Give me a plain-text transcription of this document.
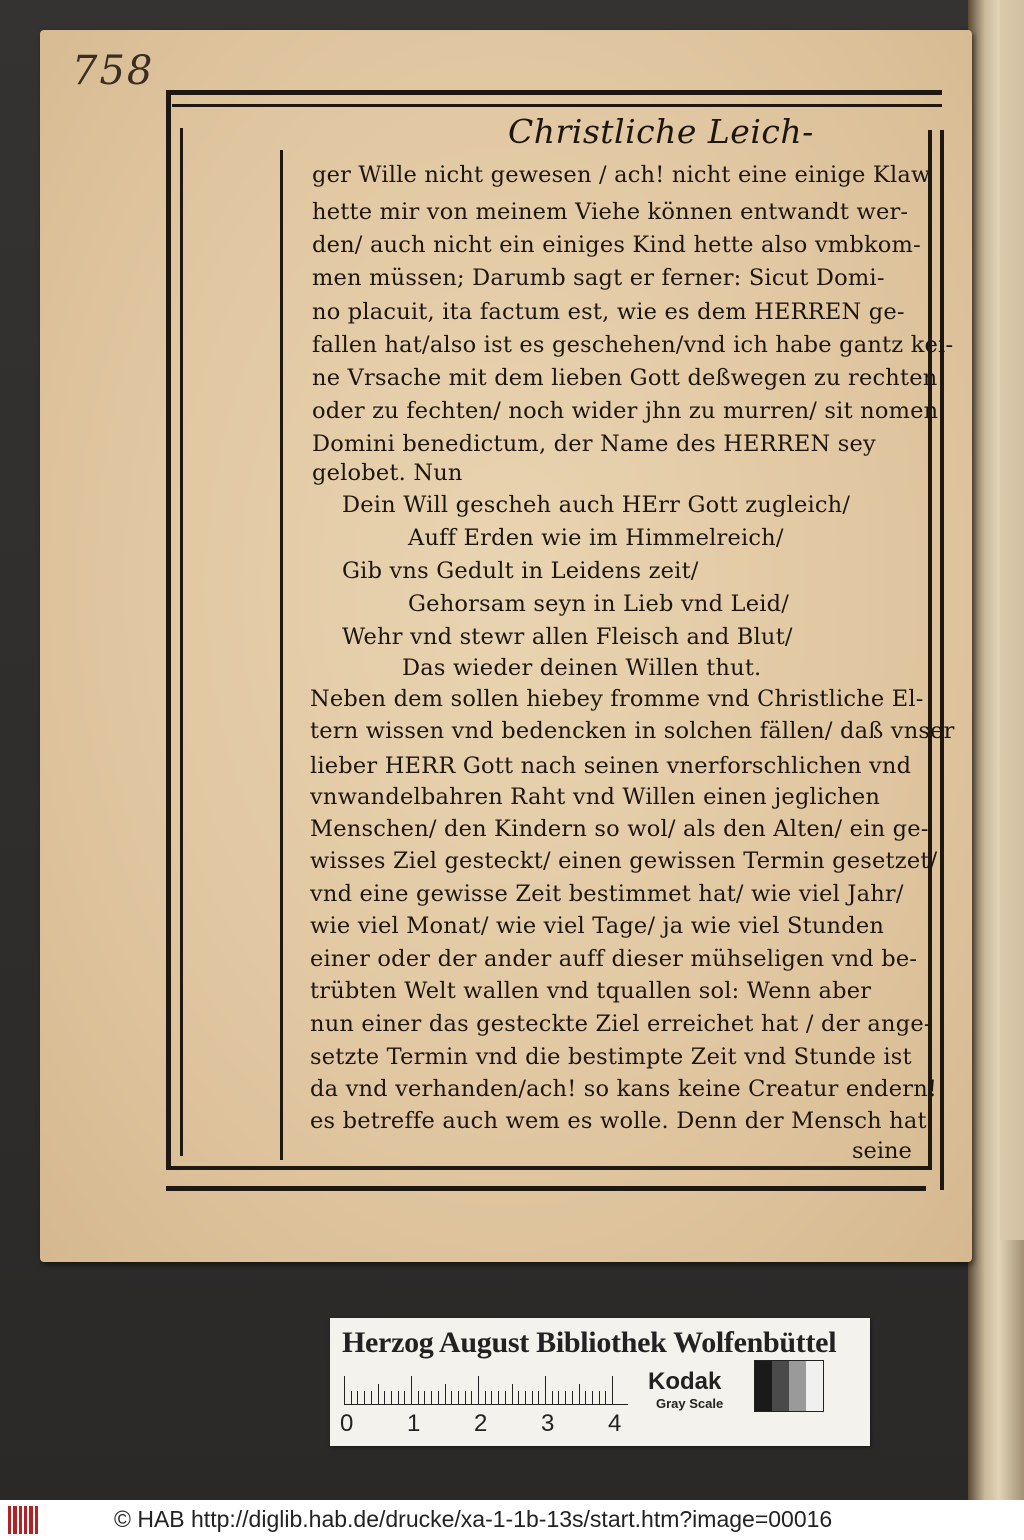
758
Christliche Leich-
ger Wille nicht gewesen / ach! nicht eine einige Klaw
hette mir von meinem Viehe können entwandt wer-
den/ auch nicht ein einiges Kind hette also vmbkom-
men müssen; Darumb sagt er ferner: Sicut Domi-
no placuit, ita factum est, wie es dem HERREN ge-
fallen hat/also ist es geschehen/vnd ich habe gantz kei-
ne Vrsache mit dem lieben Gott deßwegen zu rechten
oder zu fechten/ noch wider jhn zu murren/ sit nomen
Domini benedictum, der Name des HERREN sey
gelobet. Nun
Dein Will gescheh auch HErr Gott zugleich/
Auff Erden wie im Himmelreich/
Gib vns Gedult in Leidens zeit/
Gehorsam seyn in Lieb vnd Leid/
Wehr vnd stewr allen Fleisch and Blut/
Das wieder deinen Willen thut.
Neben dem sollen hiebey fromme vnd Christliche El-
tern wissen vnd bedencken in solchen fällen/ daß vnser
lieber HERR Gott nach seinen vnerforschlichen vnd
vnwandelbahren Raht vnd Willen einen jeglichen
Menschen/ den Kindern so wol/ als den Alten/ ein ge-
wisses Ziel gesteckt/ einen gewissen Termin gesetzet/
vnd eine gewisse Zeit bestimmet hat/ wie viel Jahr/
wie viel Monat/ wie viel Tage/ ja wie viel Stunden
einer oder der ander auff dieser mühseligen vnd be-
trübten Welt wallen vnd tquallen sol: Wenn aber
nun einer das gesteckte Ziel erreichet hat / der ange-
setzte Termin vnd die bestimpte Zeit vnd Stunde ist
da vnd verhanden/ach! so kans keine Creatur endern!
es betreffe auch wem es wolle. Denn der Mensch hat
seine
Herzog August Bibliothek Wolfenbüttel
0 1 2 3 4
Kodak
Gray Scale
© HAB http://diglib.hab.de/drucke/xa-1-1b-13s/start.htm?image=00016
